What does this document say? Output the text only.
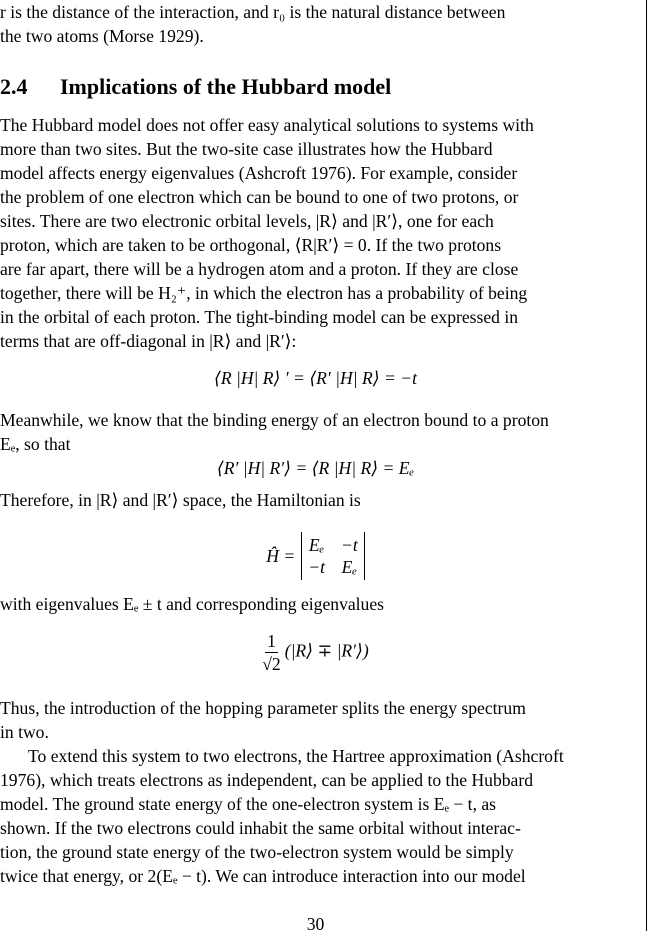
r is the distance of the interaction, and r₀ is the natural distance between
the two atoms (Morse 1929).
2.4 Implications of the Hubbard model
The Hubbard model does not offer easy analytical solutions to systems with
more than two sites. But the two-site case illustrates how the Hubbard
model affects energy eigenvalues (Ashcroft 1976). For example, consider
the problem of one electron which can be bound to one of two protons, or
sites. There are two electronic orbital levels, |R⟩ and |R′⟩, one for each
proton, which are taken to be orthogonal, ⟨R|R′⟩ = 0. If the two protons
are far apart, there will be a hydrogen atom and a proton. If they are close
together, there will be H₂⁺, in which the electron has a probability of being
in the orbital of each proton. The tight-binding model can be expressed in
terms that are off-diagonal in |R⟩ and |R′⟩:
⟨R |H| R⟩ ′ = ⟨R′ |H| R⟩ = −t
Meanwhile, we know that the binding energy of an electron bound to a proton
Eₑ, so that
⟨R′ |H| R′⟩ = ⟨R |H| R⟩ = Eₑ
Therefore, in |R⟩ and |R′⟩ space, the Hamiltonian is
Ĥ =
Eₑ −t
−t Eₑ
with eigenvalues Eₑ ± t and corresponding eigenvalues
$\frac{1}{√2}$ (|R⟩ ∓ |R′⟩)
Thus, the introduction of the hopping parameter splits the energy spectrum
in two.
To extend this system to two electrons, the Hartree approximation (Ashcroft
1976), which treats electrons as independent, can be applied to the Hubbard
model. The ground state energy of the one-electron system is Eₑ − t, as
shown. If the two electrons could inhabit the same orbital without interac-
tion, the ground state energy of the two-electron system would be simply
twice that energy, or 2(Eₑ − t). We can introduce interaction into our model
30
